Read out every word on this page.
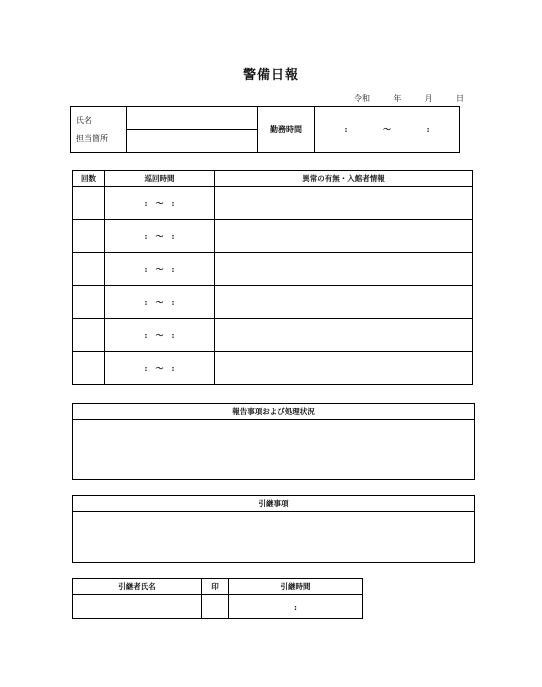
警備日報
令和	年	月	日
氏名
担当箇所
		勤務時間	:	～	:

回数	巡回時間	異常の有無・入館者情報
	:　～　:	
	:　～　:	
	:　～　:	
	:　～　:	
	:　～　:	
	:　～　:	
報告事項および処理状況
引継事項
引継者氏名	印	引継時間
		:
